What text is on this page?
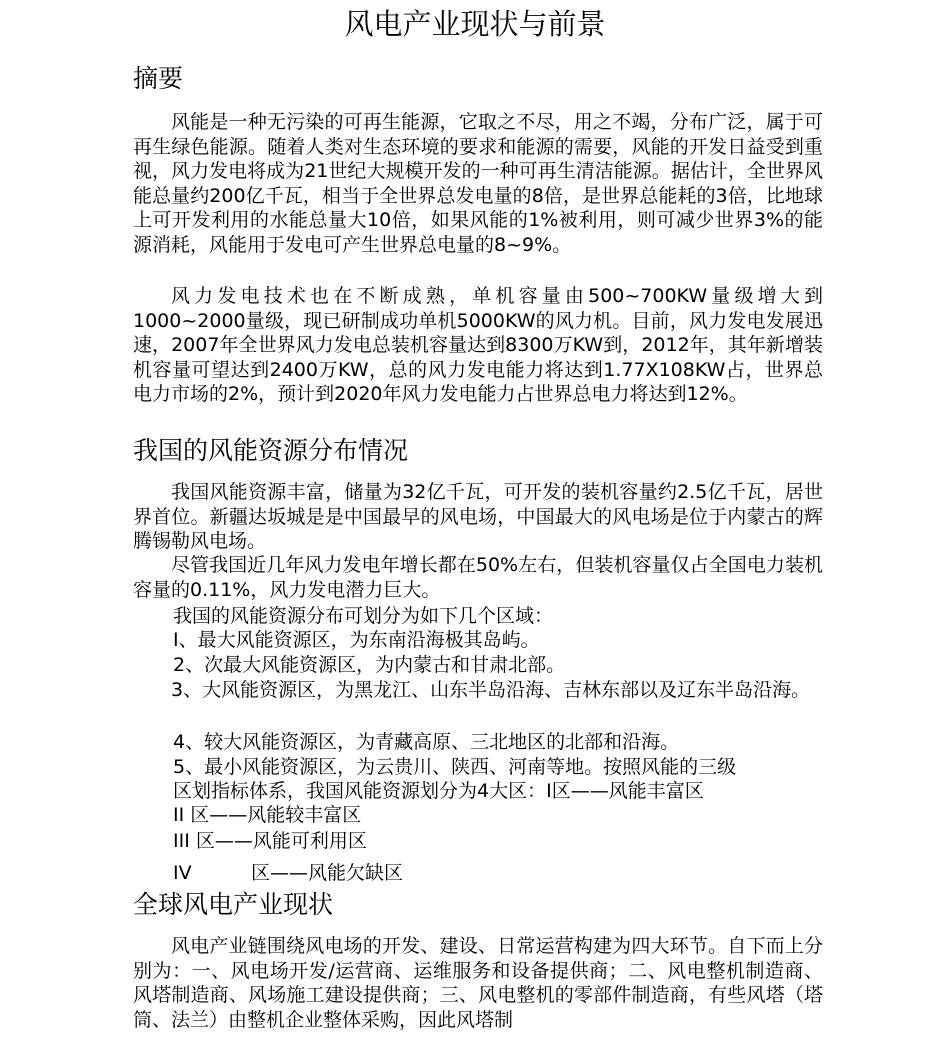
风电产业现状与前景
摘要

风能是一种无污染的可再生能源，它取之不尽，用之不竭，分布广泛，属于可再生绿色能源。随着人类对生态环境的要求和能源的需要，风能的开发日益受到重视，风力发电将成为21世纪大规模开发的一种可再生清洁能源。据估计，全世界风能总量约200亿千瓦，相当于全世界总发电量的8倍，是世界总能耗的3倍，比地球上可开发利用的水能总量大10倍，如果风能的1%被利用，则可减少世界3%的能源消耗，风能用于发电可产生世界总电量的8~9%。

风力发电技术也在不断成熟，单机容量由500~700KW量级增大到1000~2000量级，现已研制成功单机5000KW的风力机。目前，风力发电发展迅速，2007年全世界风力发电总装机容量达到8300万KW到，2012年，其年新增装机容量可望达到2400万KW，总的风力发电能力将达到1.77X108KW占，世界总电力市场的2%，预计到2020年风力发电能力占世界总电力将达到12%。

我国的风能资源分布情况

我国风能资源丰富，储量为32亿千瓦，可开发的装机容量约2.5亿千瓦，居世界首位。新疆达坂城是是中国最早的风电场，中国最大的风电场是位于内蒙古的辉腾锡勒风电场。

尽管我国近几年风力发电年增长都在50%左右，但装机容量仅占全国电力装机容量的0.11%，风力发电潜力巨大。

我国的风能资源分布可划分为如下几个区域：

Ⅰ、最大风能资源区，为东南沿海极其岛屿。

2、次最大风能资源区，为内蒙古和甘肃北部。

3、大风能资源区，为黑龙江、山东半岛沿海、吉林东部以及辽东半岛沿海。

4、较大风能资源区，为青藏高原、三北地区的北部和沿海。

5、最小风能资源区，为云贵川、陕西、河南等地。按照风能的三级

区划指标体系，我国风能资源划分为4大区：Ⅰ区——风能丰富区

II 区——风能较丰富区

III 区——风能可利用区

IV	区——风能欠缺区

全球风电产业现状

风电产业链围绕风电场的开发、建设、日常运营构建为四大环节。自下而上分别为：一、风电场开发/运营商、运维服务和设备提供商；二、风电整机制造商、风塔制造商、风场施工建设提供商；三、风电整机的零部件制造商，有些风塔（塔筒、法兰）由整机企业整体采购，因此风塔制
